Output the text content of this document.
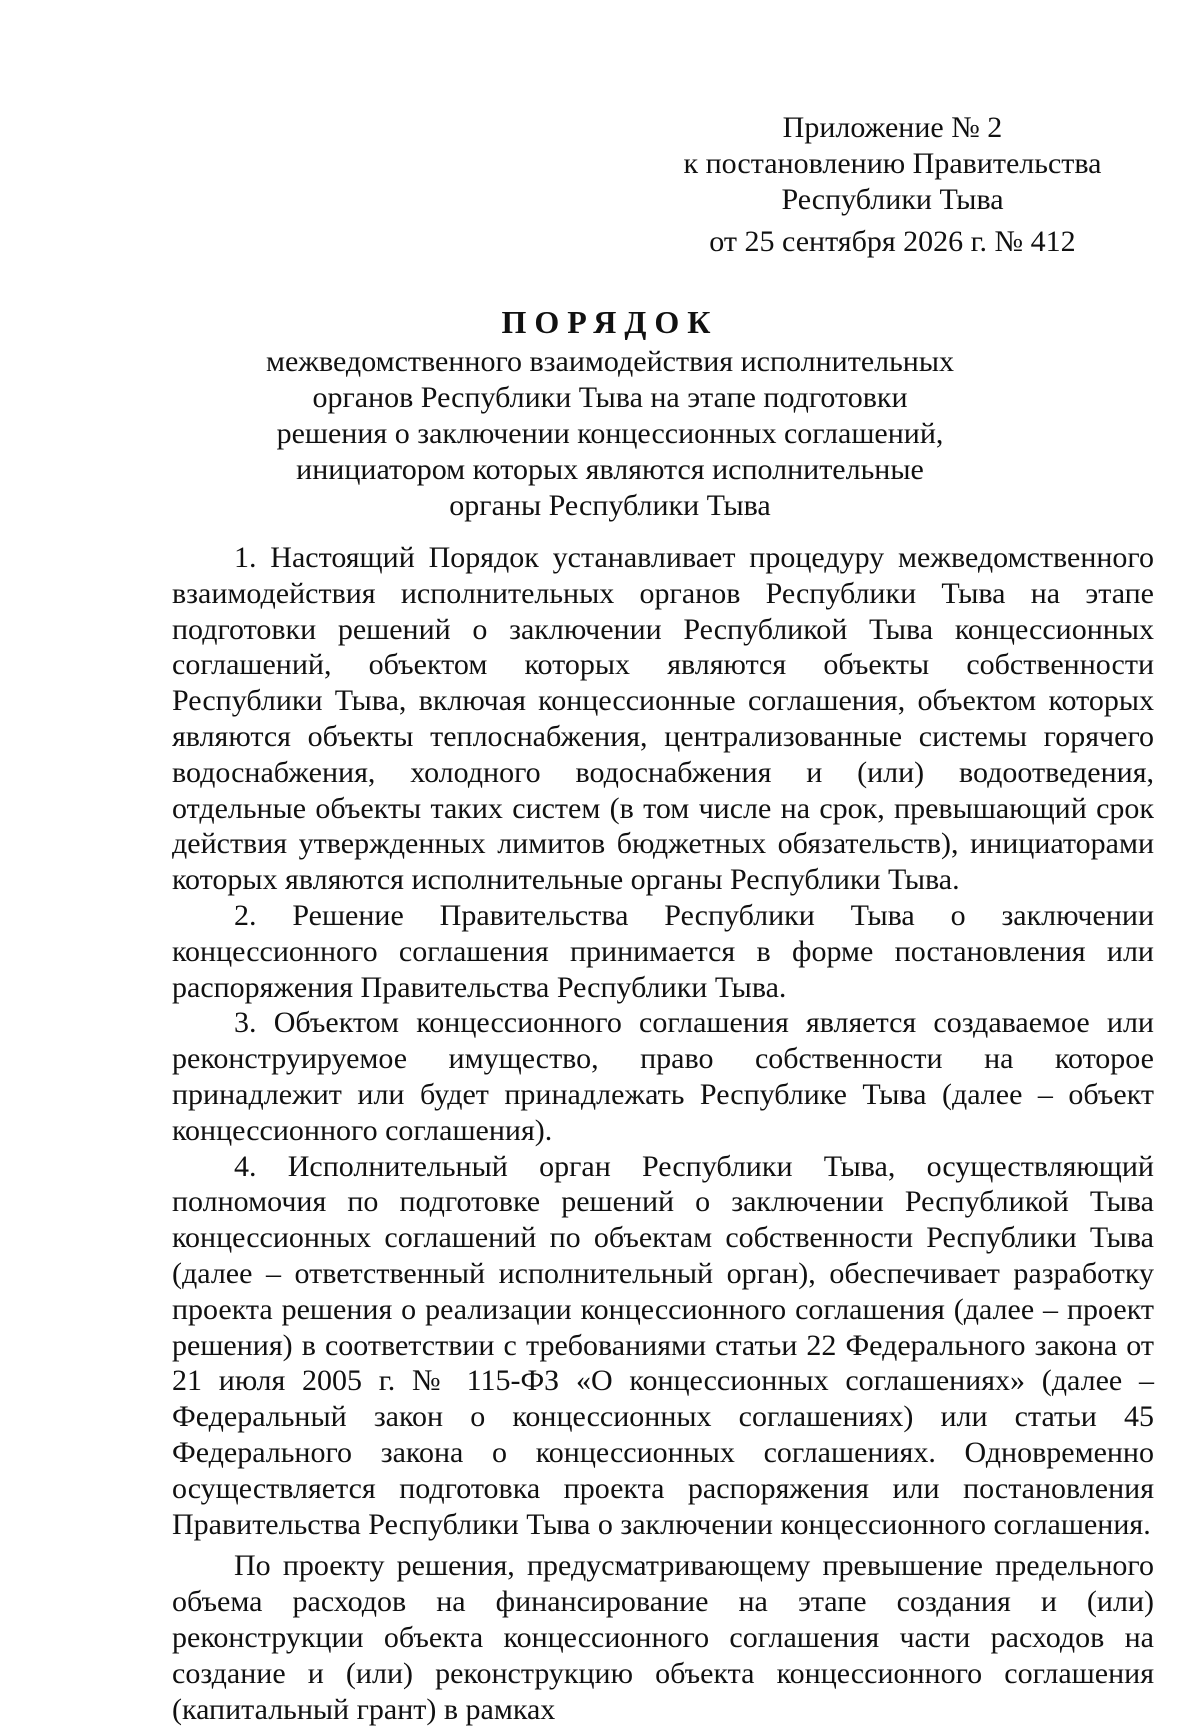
Приложение № 2
к постановлению Правительства
Республики Тыва
от 25 сентября 2026 г. № 412
ПОРЯДОК
межведомственного взаимодействия исполнительных
органов Республики Тыва на этапе подготовки
решения о заключении концессионных соглашений,
инициатором которых являются исполнительные
органы Республики Тыва

1. Настоящий Порядок устанавливает процедуру межведомственного взаимодействия исполнительных органов Республики Тыва на этапе подготовки решений о заключении Республикой Тыва концессионных соглашений, объектом которых являются объекты собственности Республики Тыва, включая концессионные соглашения, объектом которых являются объекты теплоснабжения, централизованные системы горячего водоснабжения, холодного водоснабжения и (или) водоотведения, отдельные объекты таких систем (в том числе на срок, превышающий срок действия утвержденных лимитов бюджетных обязательств), инициаторами которых являются исполнительные органы Республики Тыва.

2. Решение Правительства Республики Тыва о заключении концессионного соглашения принимается в форме постановления или распоряжения Правительства Республики Тыва.

3. Объектом концессионного соглашения является создаваемое или реконструируемое имущество, право собственности на которое принадлежит или будет принадлежать Республике Тыва (далее – объект концессионного соглашения).

4. Исполнительный орган Республики Тыва, осуществляющий полномочия по подготовке решений о заключении Республикой Тыва концессионных соглашений по объектам собственности Республики Тыва (далее – ответственный исполнительный орган), обеспечивает разработку проекта решения о реализации концессионного соглашения (далее – проект решения) в соответствии с требованиями статьи 22 Федерального закона от 21 июля 2005 г. № 115-ФЗ «О концессионных соглашениях» (далее – Федеральный закон о концессионных соглашениях) или статьи 45 Федерального закона о концессионных соглашениях. Одновременно осуществляется подготовка проекта распоряжения или постановления Правительства Республики Тыва о заключении концессионного соглашения.

По проекту решения, предусматривающему превышение предельного объема расходов на финансирование на этапе создания и (или) реконструкции объекта концессионного соглашения части расходов на создание и (или) реконструкцию объекта концессионного соглашения (капитальный грант) в рамках
